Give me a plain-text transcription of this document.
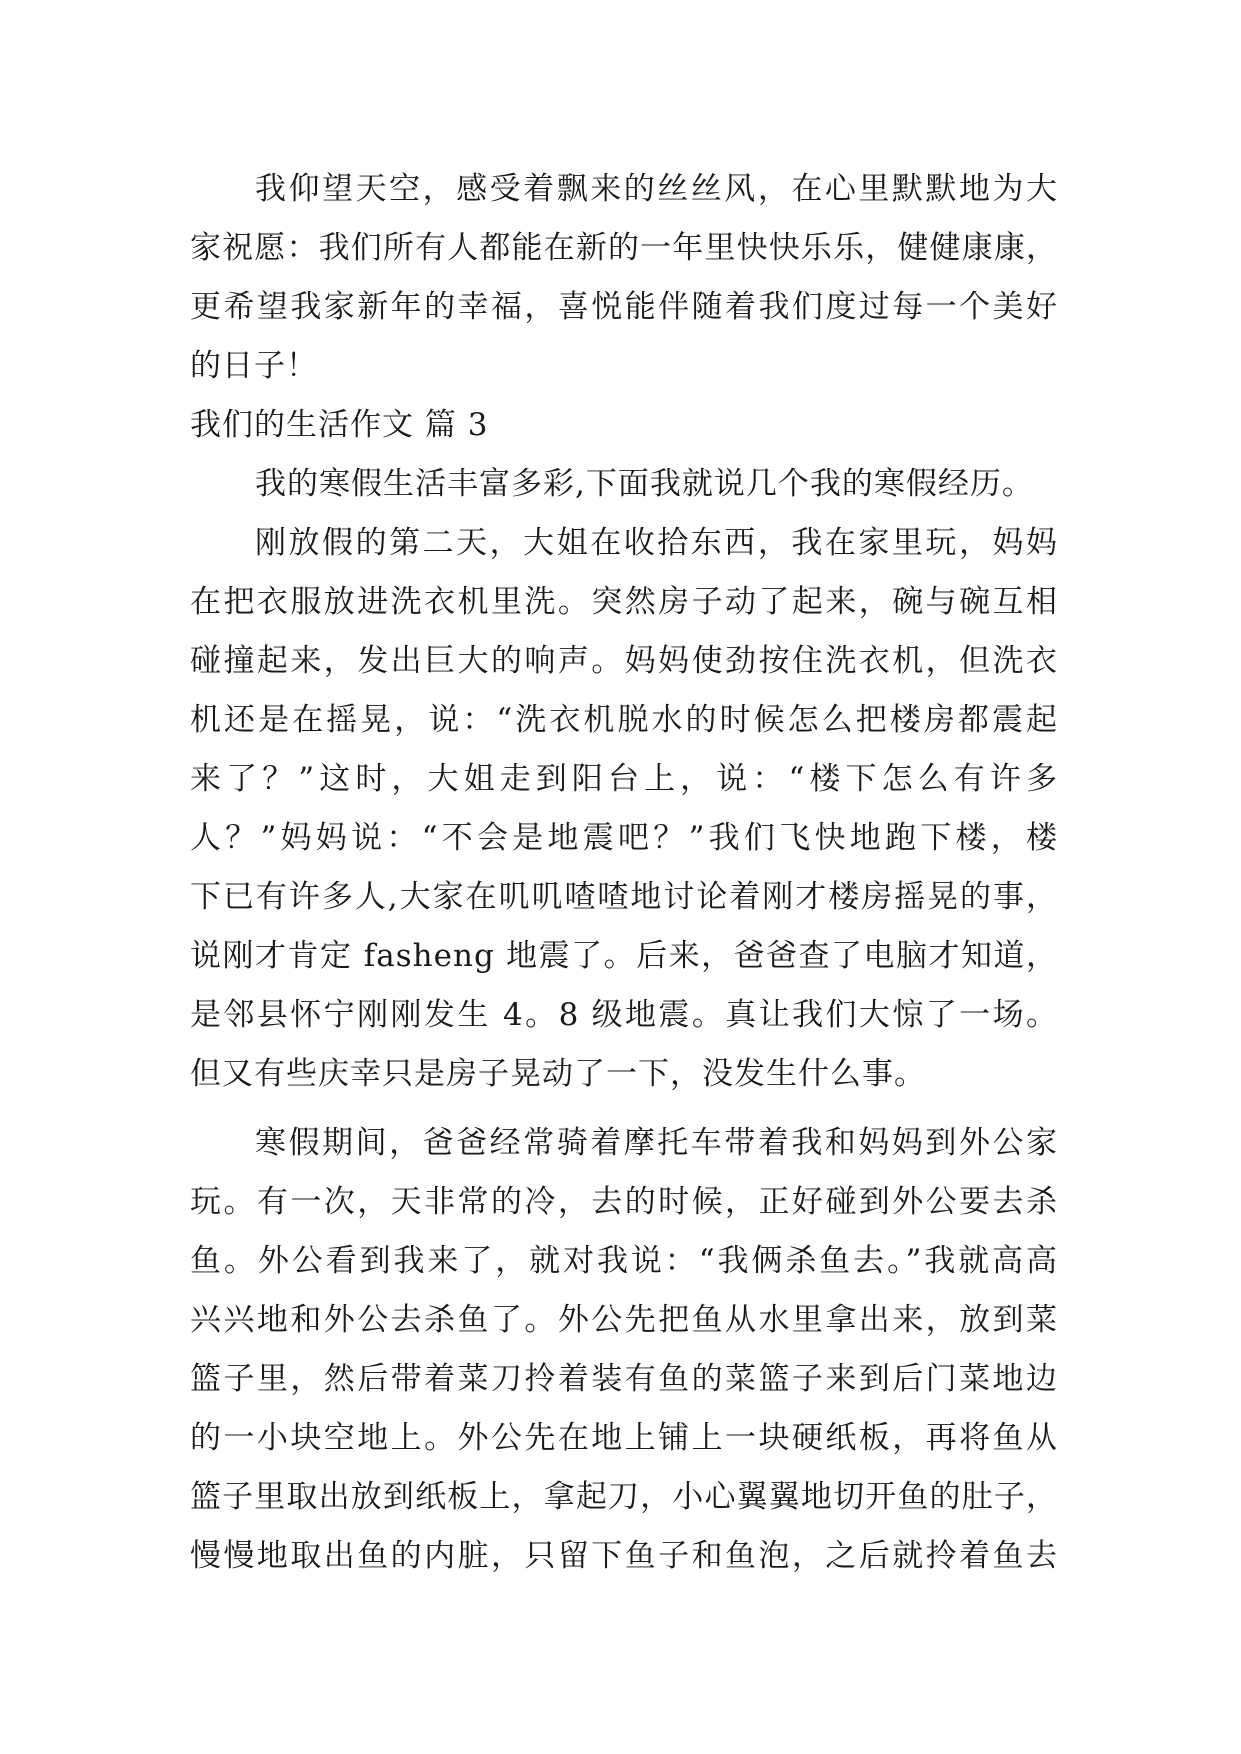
我仰望天空，感受着飘来的丝丝风，在心里默默地为大
家祝愿：我们所有人都能在新的一年里快快乐乐，健健康康，
更希望我家新年的幸福，喜悦能伴随着我们度过每一个美好
的日子！
我们的生活作文 篇 3
我的寒假生活丰富多彩,下面我就说几个我的寒假经历。
刚放假的第二天，大姐在收拾东西，我在家里玩，妈妈
在把衣服放进洗衣机里洗。突然房子动了起来，碗与碗互相
碰撞起来，发出巨大的响声。妈妈使劲按住洗衣机，但洗衣
机还是在摇晃，说：“洗衣机脱水的时候怎么把楼房都震起
来了？”这时，大姐走到阳台上，说：“楼下怎么有许多
人？”妈妈说：“不会是地震吧？”我们飞快地跑下楼，楼
下已有许多人,大家在叽叽喳喳地讨论着刚才楼房摇晃的事，
说刚才肯定 fasheng 地震了。后来，爸爸查了电脑才知道，
是邻县怀宁刚刚发生 4。8 级地震。真让我们大惊了一场。
但又有些庆幸只是房子晃动了一下，没发生什么事。
寒假期间，爸爸经常骑着摩托车带着我和妈妈到外公家
玩。有一次，天非常的冷，去的时候，正好碰到外公要去杀
鱼。外公看到我来了，就对我说：“我俩杀鱼去。”我就高高
兴兴地和外公去杀鱼了。外公先把鱼从水里拿出来，放到菜
篮子里，然后带着菜刀拎着装有鱼的菜篮子来到后门菜地边
的一小块空地上。外公先在地上铺上一块硬纸板，再将鱼从
篮子里取出放到纸板上，拿起刀，小心翼翼地切开鱼的肚子，
慢慢地取出鱼的内脏，只留下鱼子和鱼泡，之后就拎着鱼去
